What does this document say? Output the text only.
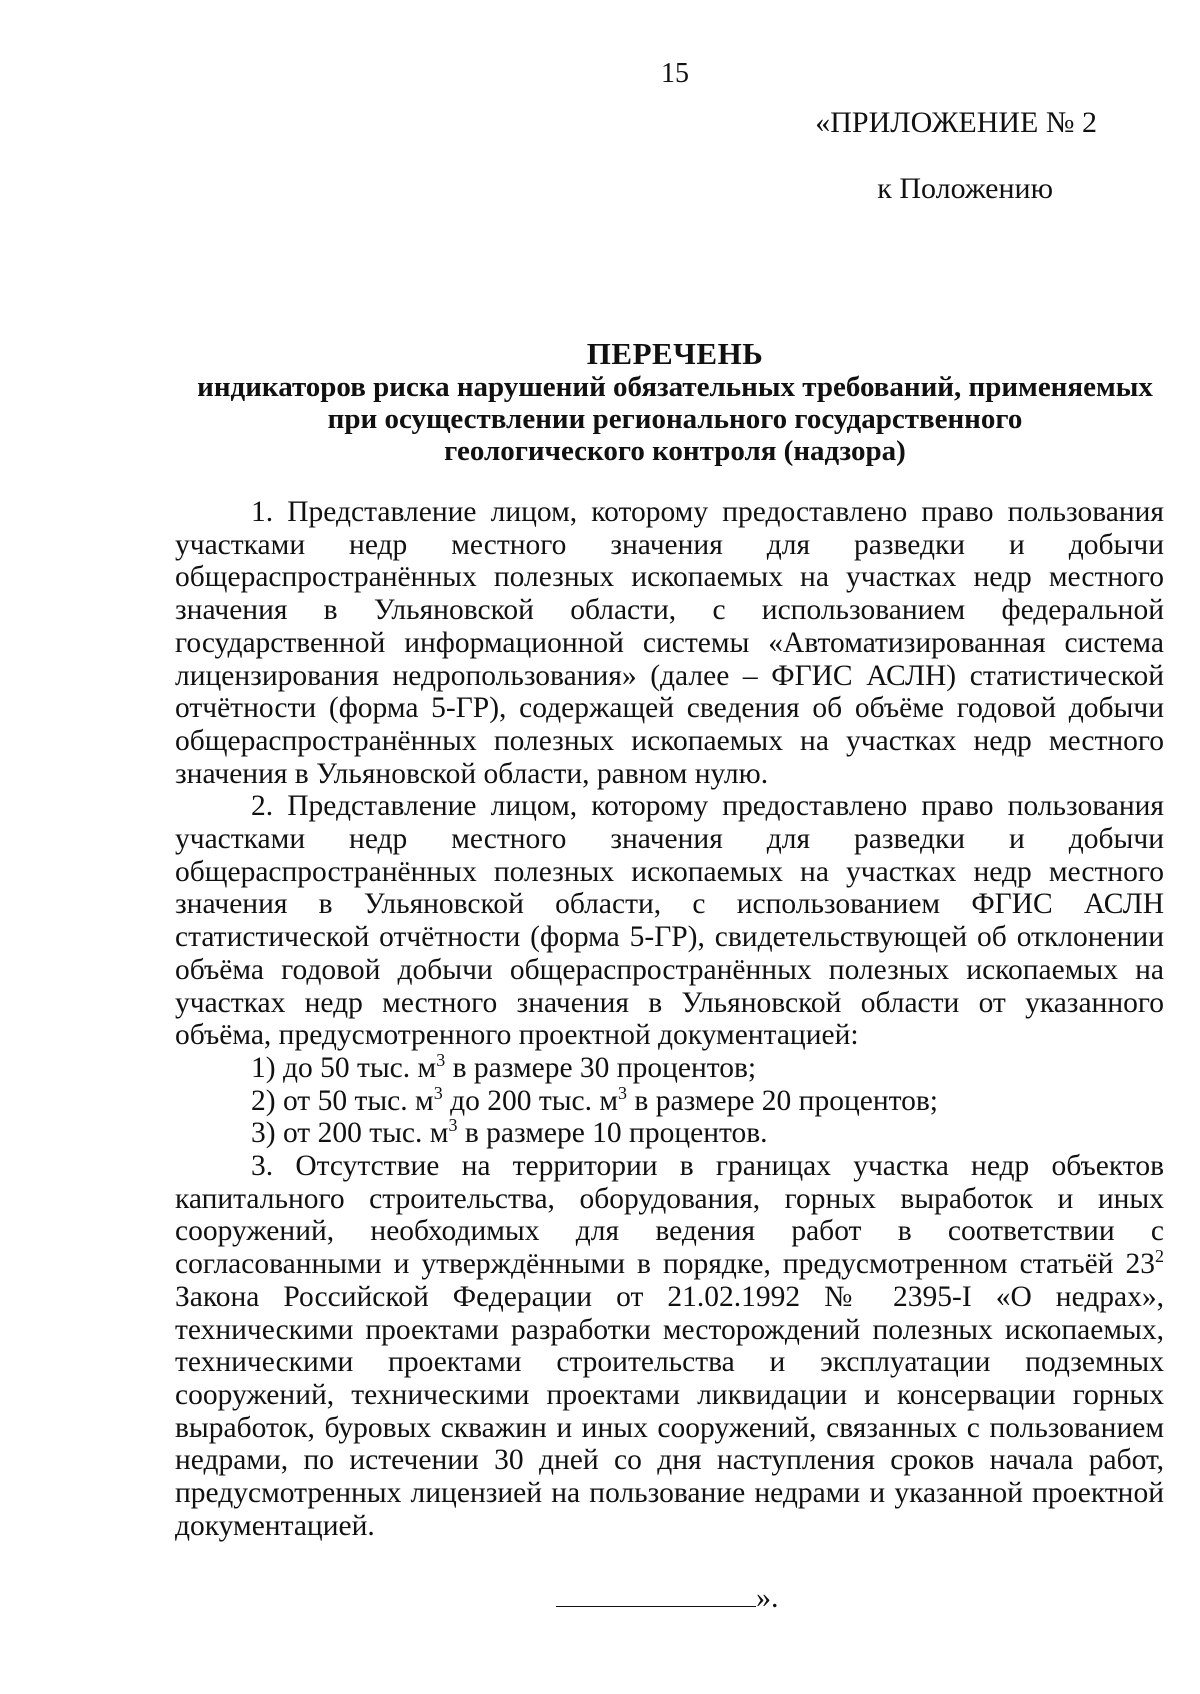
15
«ПРИЛОЖЕНИЕ № 2
к Положению
ПЕРЕЧЕНЬ
индикаторов риска нарушений обязательных требований, применяемых
при осуществлении регионального государственного
геологического контроля (надзора)

1. Представление лицом, которому предоставлено право пользования участками недр местного значения для разведки и добычи общераспространённых полезных ископаемых на участках недр местного значения в Ульяновской области, с использованием федеральной государственной информационной системы «Автоматизированная система лицензирования недропользования» (далее – ФГИС АСЛН) статистической отчётности (форма 5-ГР), содержащей сведения об объёме годовой добычи общераспространённых полезных ископаемых на участках недр местного значения в Ульяновской области, равном нулю.

2. Представление лицом, которому предоставлено право пользования участками недр местного значения для разведки и добычи общераспространённых полезных ископаемых на участках недр местного значения в Ульяновской области, с использованием ФГИС АСЛН статистической отчётности (форма 5-ГР), свидетельствующей об отклонении объёма годовой добычи общераспространённых полезных ископаемых на участках недр местного значения в Ульяновской области от указанного объёма, предусмотренного проектной документацией:

1) до 50 тыс. $м^3$ в размере 30 процентов;

2) от 50 тыс. $м^3$ до 200 тыс. $м^3$ в размере 20 процентов;

3) от 200 тыс. $м^3$ в размере 10 процентов.

3. Отсутствие на территории в границах участка недр объектов капитального строительства, оборудования, горных выработок и иных сооружений, необходимых для ведения работ в соответствии с согласованными и утверждёнными в порядке, предусмотренном статьёй $23^2$ Закона Российской Федерации от 21.02.1992 № 2395-I «О недрах», техническими проектами разработки месторождений полезных ископаемых, техническими проектами строительства и эксплуатации подземных сооружений, техническими проектами ликвидации и консервации горных выработок, буровых скважин и иных сооружений, связанных с пользованием недрами, по истечении 30 дней со дня наступления сроков начала работ, предусмотренных лицензией на пользование недрами и указанной проектной документацией.

».
